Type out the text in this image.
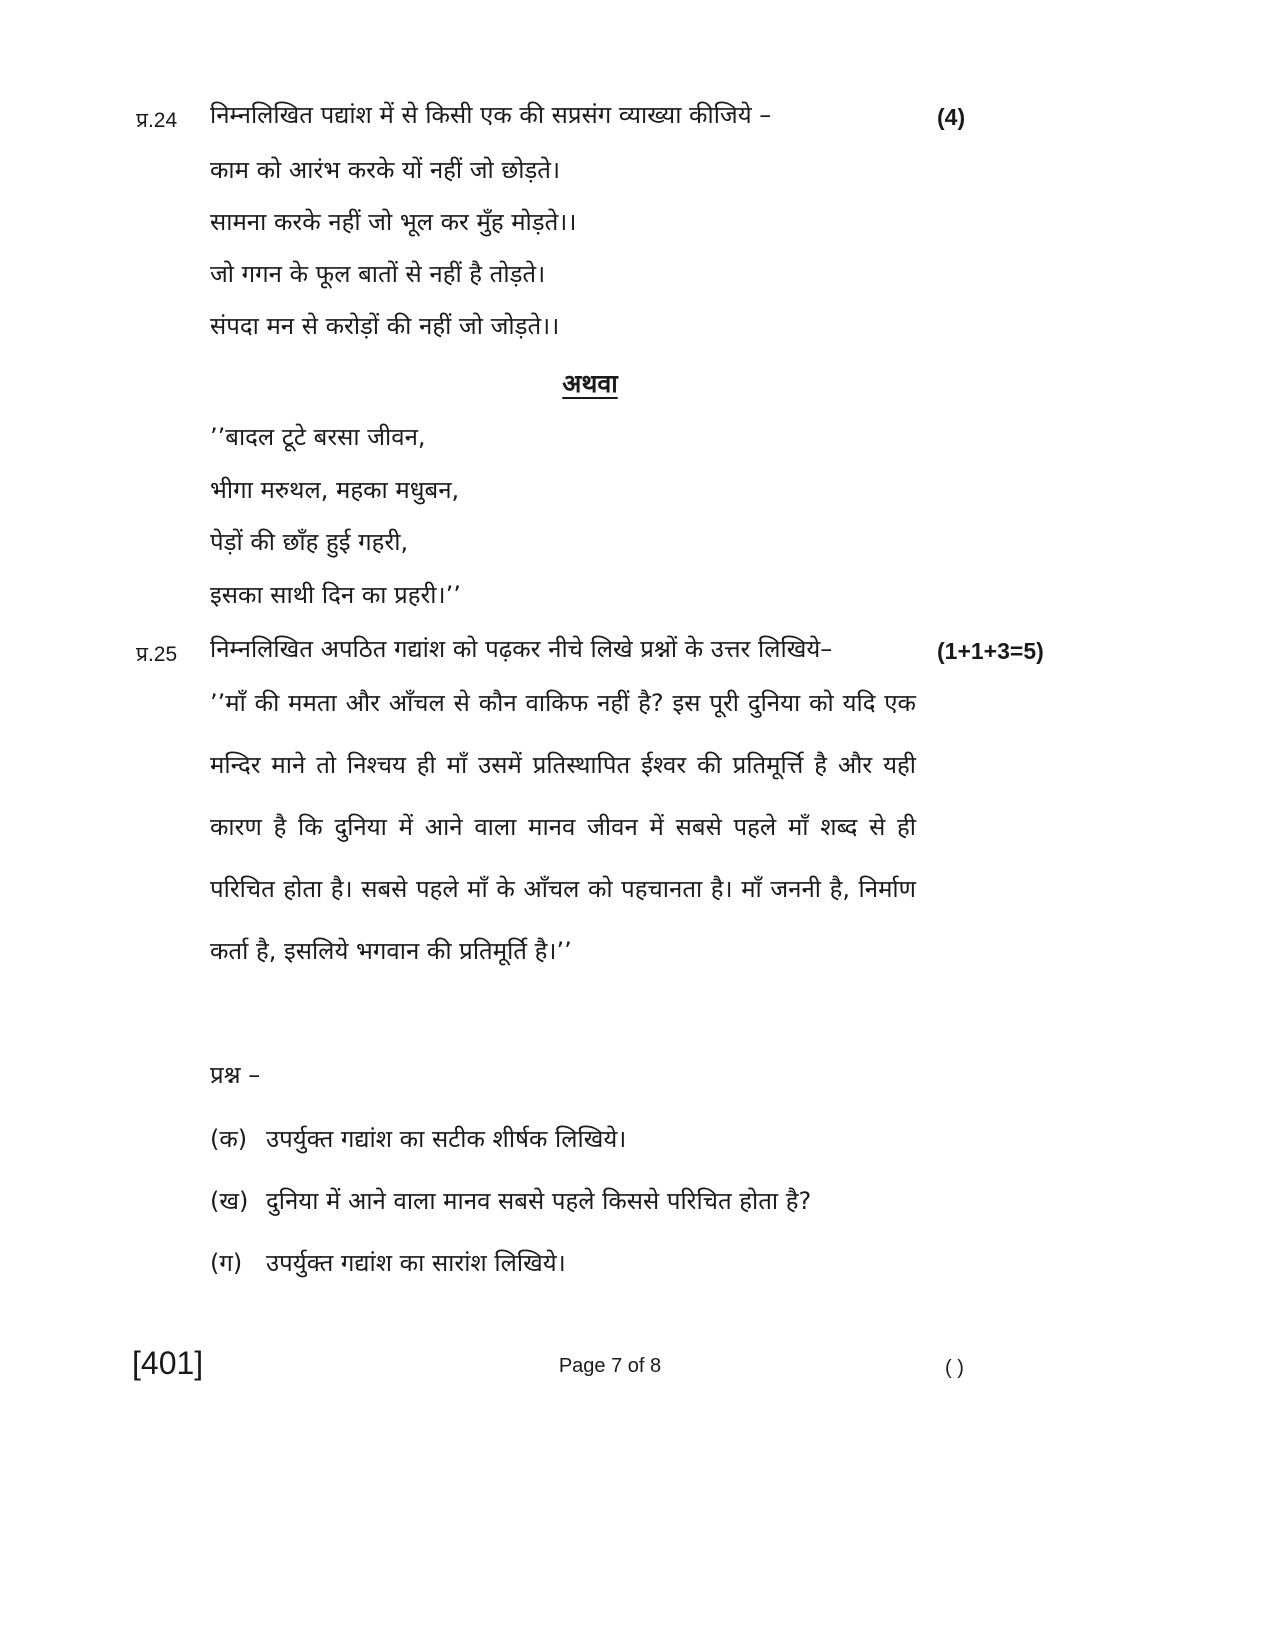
प्र.24 निम्नलिखित पद्यांश में से किसी एक की सप्रसंग व्याख्या कीजिये –	(4)
काम को आरंभ करके यों नहीं जो छोड़ते।
सामना करके नहीं जो भूल कर मुँह मोड़ते।।
जो गगन के फूल बातों से नहीं है तोड़ते।
संपदा मन से करोड़ों की नहीं जो जोड़ते।।
अथवा
’’बादल टूटे बरसा जीवन,
भीगा मरुथल, महका मधुबन,
पेड़ों की छाँह हुई गहरी,
इसका साथी दिन का प्रहरी।’’
प्र.25 निम्नलिखित अपठित गद्यांश को पढ़कर नीचे लिखे प्रश्नों के उत्तर लिखिये–	(1+1+3=5)
’’माँ की ममता और आँचल से कौन वाकिफ नहीं है? इस पूरी दुनिया को यदि एक मन्दिर माने तो निश्चय ही माँ उसमें प्रतिस्थापित ईश्वर की प्रतिमूर्त्ति है और यही कारण है कि दुनिया में आने वाला मानव जीवन में सबसे पहले माँ शब्द से ही परिचित होता है। सबसे पहले माँ के आँचल को पहचानता है। माँ जननी है, निर्माण कर्ता है, इसलिये भगवान की प्रतिमूर्ति है।’’
प्रश्न –
(क) उपर्युक्त गद्यांश का सटीक शीर्षक लिखिये।
(ख) दुनिया में आने वाला मानव सबसे पहले किससे परिचित होता है?
(ग) उपर्युक्त गद्यांश का सारांश लिखिये।
[401]	Page 7 of 8	( )
